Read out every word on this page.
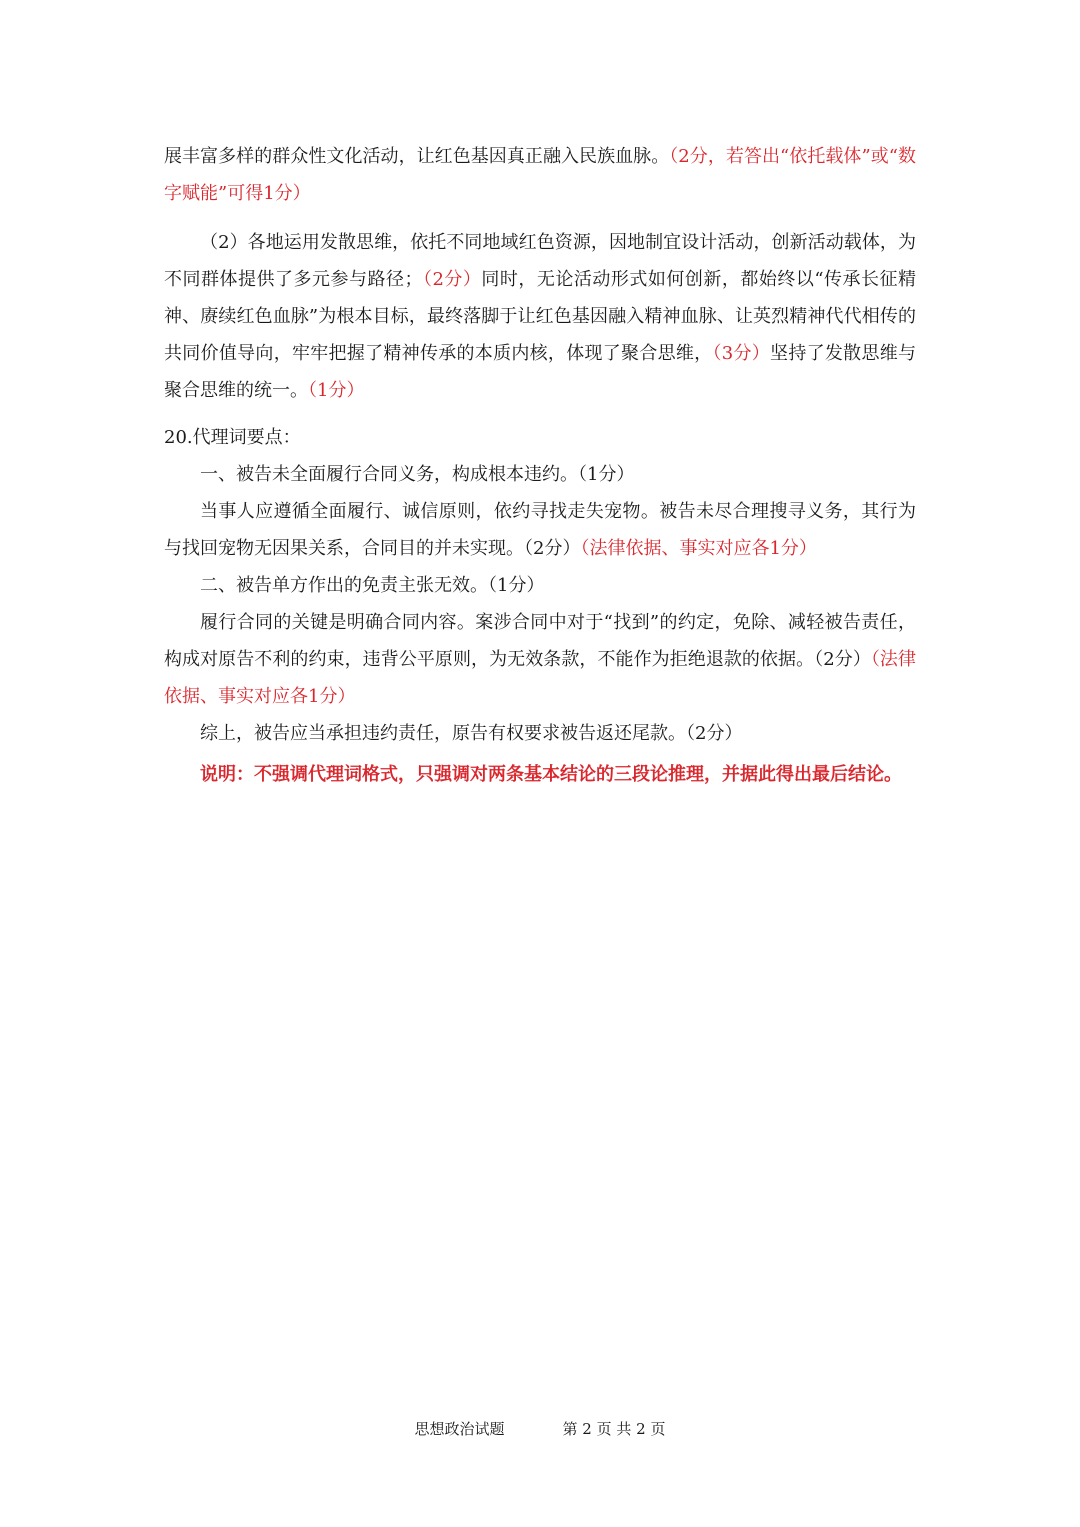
展丰富多样的群众性文化活动，让红色基因真正融入民族血脉。（2分，若答出“依托载体”或“数字赋能”可得1分）

（2）各地运用发散思维，依托不同地域红色资源，因地制宜设计活动，创新活动载体，为不同群体提供了多元参与路径；（2分）同时，无论活动形式如何创新，都始终以“传承长征精神、赓续红色血脉”为根本目标，最终落脚于让红色基因融入精神血脉、让英烈精神代代相传的共同价值导向，牢牢把握了精神传承的本质内核，体现了聚合思维，（3分）坚持了发散思维与聚合思维的统一。（1分）

20.代理词要点：

一、被告未全面履行合同义务，构成根本违约。（1分）

当事人应遵循全面履行、诚信原则，依约寻找走失宠物。被告未尽合理搜寻义务，其行为与找回宠物无因果关系，合同目的并未实现。（2分）（法律依据、事实对应各1分）

二、被告单方作出的免责主张无效。（1分）

履行合同的关键是明确合同内容。案涉合同中对于“找到”的约定，免除、减轻被告责任，构成对原告不利的约束，违背公平原则，为无效条款，不能作为拒绝退款的依据。（2分）（法律依据、事实对应各1分）

综上，被告应当承担违约责任，原告有权要求被告返还尾款。（2分）

说明：不强调代理词格式，只强调对两条基本结论的三段论推理，并据此得出最后结论。

思想政治试题	第 2 页 共 2 页
